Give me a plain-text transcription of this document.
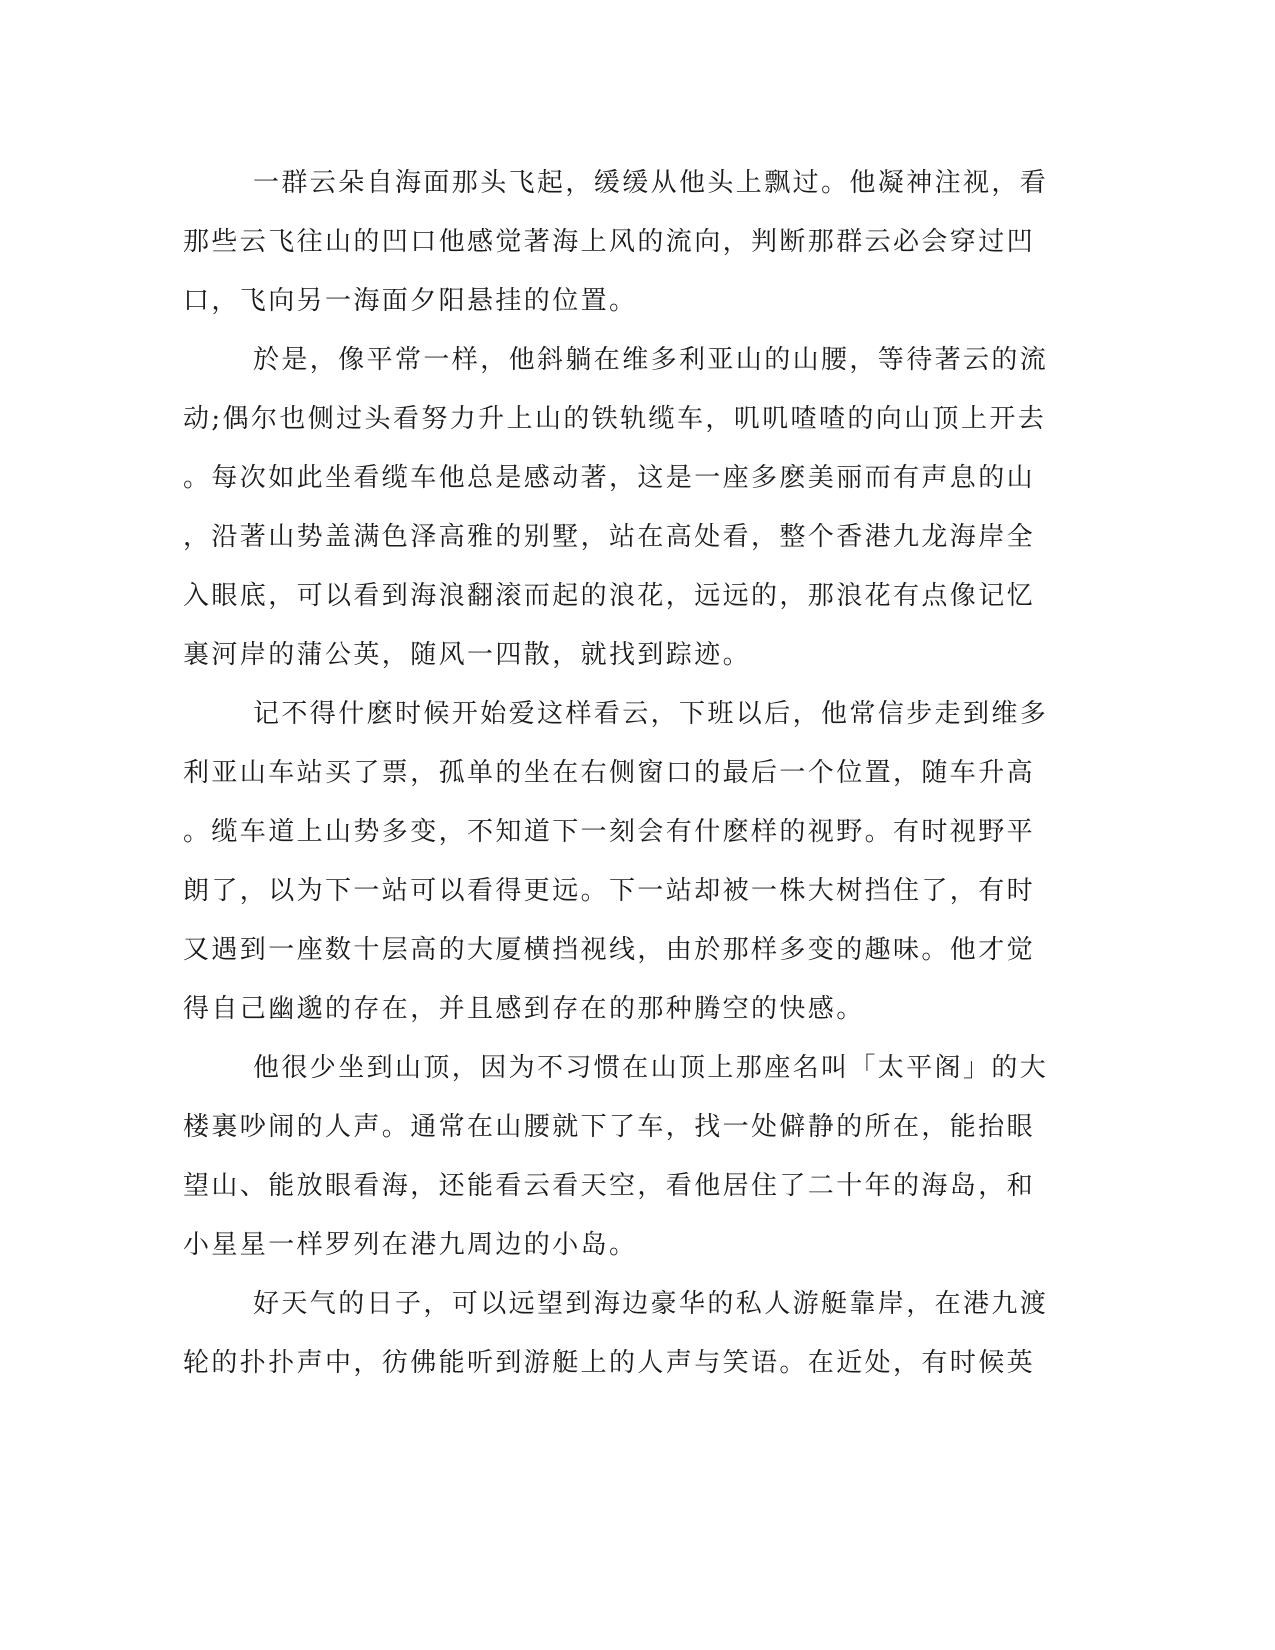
一群云朵自海面那头飞起，缓缓从他头上飘过。他凝神注视，看
那些云飞往山的凹口他感觉著海上风的流向，判断那群云必会穿过凹
口，飞向另一海面夕阳悬挂的位置。
於是，像平常一样，他斜躺在维多利亚山的山腰，等待著云的流
动;偶尔也侧过头看努力升上山的铁轨缆车，叽叽喳喳的向山顶上开去
。每次如此坐看缆车他总是感动著，这是一座多麽美丽而有声息的山
，沿著山势盖满色泽高雅的别墅，站在高处看，整个香港九龙海岸全
入眼底，可以看到海浪翻滚而起的浪花，远远的，那浪花有点像记忆
裏河岸的蒲公英，随风一四散，就找到踪迹。
记不得什麽时候开始爱这样看云，下班以后，他常信步走到维多
利亚山车站买了票，孤单的坐在右侧窗口的最后一个位置，随车升高
。缆车道上山势多变，不知道下一刻会有什麽样的视野。有时视野平
朗了，以为下一站可以看得更远。下一站却被一株大树挡住了，有时
又遇到一座数十层高的大厦横挡视线，由於那样多变的趣味。他才觉
得自己幽邈的存在，并且感到存在的那种腾空的快感。
他很少坐到山顶，因为不习惯在山顶上那座名叫「太平阁」的大
楼裏吵闹的人声。通常在山腰就下了车，找一处僻静的所在，能抬眼
望山、能放眼看海，还能看云看天空，看他居住了二十年的海岛，和
小星星一样罗列在港九周边的小岛。
好天气的日子，可以远望到海边豪华的私人游艇靠岸，在港九渡
轮的扑扑声中，彷佛能听到游艇上的人声与笑语。在近处，有时候英
